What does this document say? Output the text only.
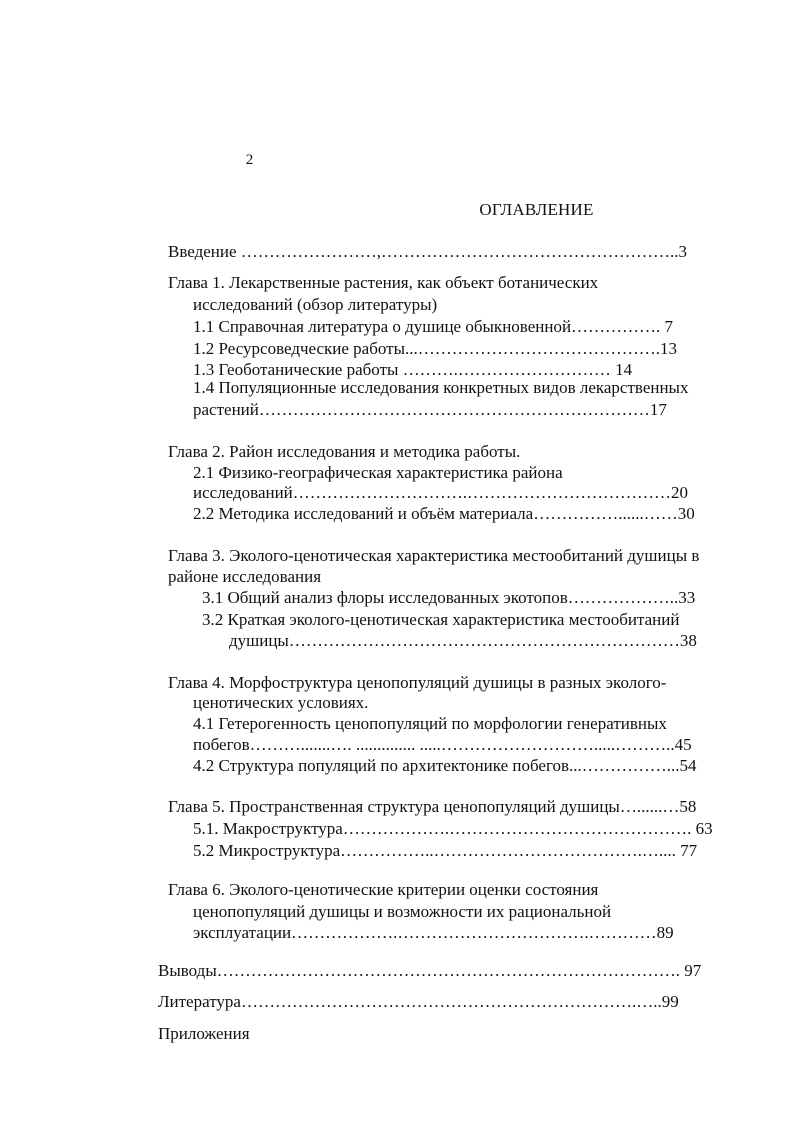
2
ОГЛАВЛЕНИЕ
Введение ……………………,……………………………………………..3
Глава 1. Лекарственные растения, как объект ботанических
исследований (обзор литературы)
1.1 Справочная литература о душице обыкновенной……………. 7
1.2 Ресурсоведческие работы...…………………………………….13
1.3 Геоботанические работы ……….……………………… 14
1.4 Популяционные исследования конкретных видов лекарственных
растений……………………………………………………………17
Глава 2. Район исследования и методика работы.
2.1 Физико-географическая характеристика района
исследований………………………….………………………………20
2.2 Методика исследований и объём материала……………......……30
Глава 3. Эколого-ценотическая характеристика местообитаний душицы в
районе исследования
3.1 Общий анализ флоры исследованных экотопов………………..33
3.2 Краткая эколого-ценотическая характеристика местообитаний
душицы……………………………………………………………38
Глава 4. Морфоструктура ценопопуляций душицы в разных эколого-
ценотических условиях.
4.1 Гетерогенность ценопопуляций по морфологии генеративных
побегов……….......…. .............. .....……………………….....………..45
4.2 Структура популяций по архитектонике побегов...……………...54
Глава 5. Пространственная структура ценопопуляций душицы…......…58
5.1. Макроструктура……………….……………………………………. 63
5.2 Микроструктура……………..……………………………….….... 77
Глава 6. Эколого-ценотические критерии оценки состояния
ценопопуляций душицы и возможности их рациональной
эксплуатации……………….…………………………….…………89
Выводы………………………………………………………………………. 97
Литература…………………………………………………………….…..99
Приложения
